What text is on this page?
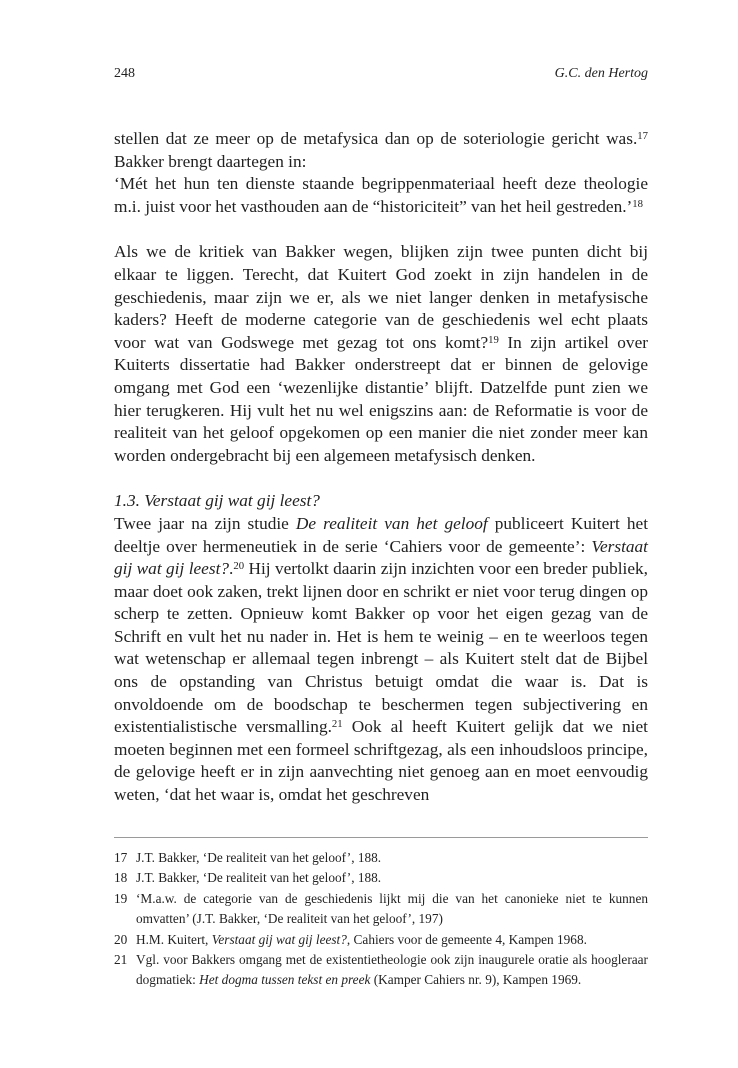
248	G.C. den Hertog

stellen dat ze meer op de metafysica dan op de soteriologie gericht was.$^{17}$ Bakker brengt daartegen in:

‘Mét het hun ten dienste staande begrippenmateriaal heeft deze theologie m.i. juist voor het vasthouden aan de “historiciteit” van het heil gestreden.’$^{18}$

Als we de kritiek van Bakker wegen, blijken zijn twee punten dicht bij elkaar te liggen. Terecht, dat Kuitert God zoekt in zijn handelen in de geschiedenis, maar zijn we er, als we niet langer denken in metafysische kaders? Heeft de moderne categorie van de geschiedenis wel echt plaats voor wat van Godswege met gezag tot ons komt?$^{19}$ In zijn artikel over Kuiterts dissertatie had Bakker onderstreept dat er binnen de gelovige omgang met God een ‘wezenlijke distantie’ blijft. Datzelfde punt zien we hier terugkeren. Hij vult het nu wel enigszins aan: de Reformatie is voor de realiteit van het geloof opgekomen op een manier die niet zonder meer kan worden ondergebracht bij een algemeen metafysisch denken.

1.3. Verstaat gij wat gij leest?

Twee jaar na zijn studie De realiteit van het geloof publiceert Kuitert het deeltje over hermeneutiek in de serie ‘Cahiers voor de gemeente’: Verstaat gij wat gij leest?.$^{20}$ Hij vertolkt daarin zijn inzichten voor een breder publiek, maar doet ook zaken, trekt lijnen door en schrikt er niet voor terug dingen op scherp te zetten. Opnieuw komt Bakker op voor het eigen gezag van de Schrift en vult het nu nader in. Het is hem te weinig – en te weerloos tegen wat wetenschap er allemaal tegen inbrengt – als Kuitert stelt dat de Bijbel ons de opstanding van Christus betuigt omdat die waar is. Dat is onvoldoende om de boodschap te beschermen tegen subjectivering en existentialistische versmalling.$^{21}$ Ook al heeft Kuitert gelijk dat we niet moeten beginnen met een formeel schriftgezag, als een inhoudsloos principe, de gelovige heeft er in zijn aanvechting niet genoeg aan en moet eenvoudig weten, ‘dat het waar is, omdat het geschreven

17 J.T. Bakker, ‘De realiteit van het geloof’, 188.
18 J.T. Bakker, ‘De realiteit van het geloof’, 188.
19 ‘M.a.w. de categorie van de geschiedenis lijkt mij die van het canonieke niet te kunnen omvatten’ (J.T. Bakker, ‘De realiteit van het geloof’, 197)
20 H.M. Kuitert, Verstaat gij wat gij leest?, Cahiers voor de gemeente 4, Kampen 1968.
21 Vgl. voor Bakkers omgang met de existentietheologie ook zijn inaugurele oratie als hoogleraar dogmatiek: Het dogma tussen tekst en preek (Kamper Cahiers nr. 9), Kampen 1969.
